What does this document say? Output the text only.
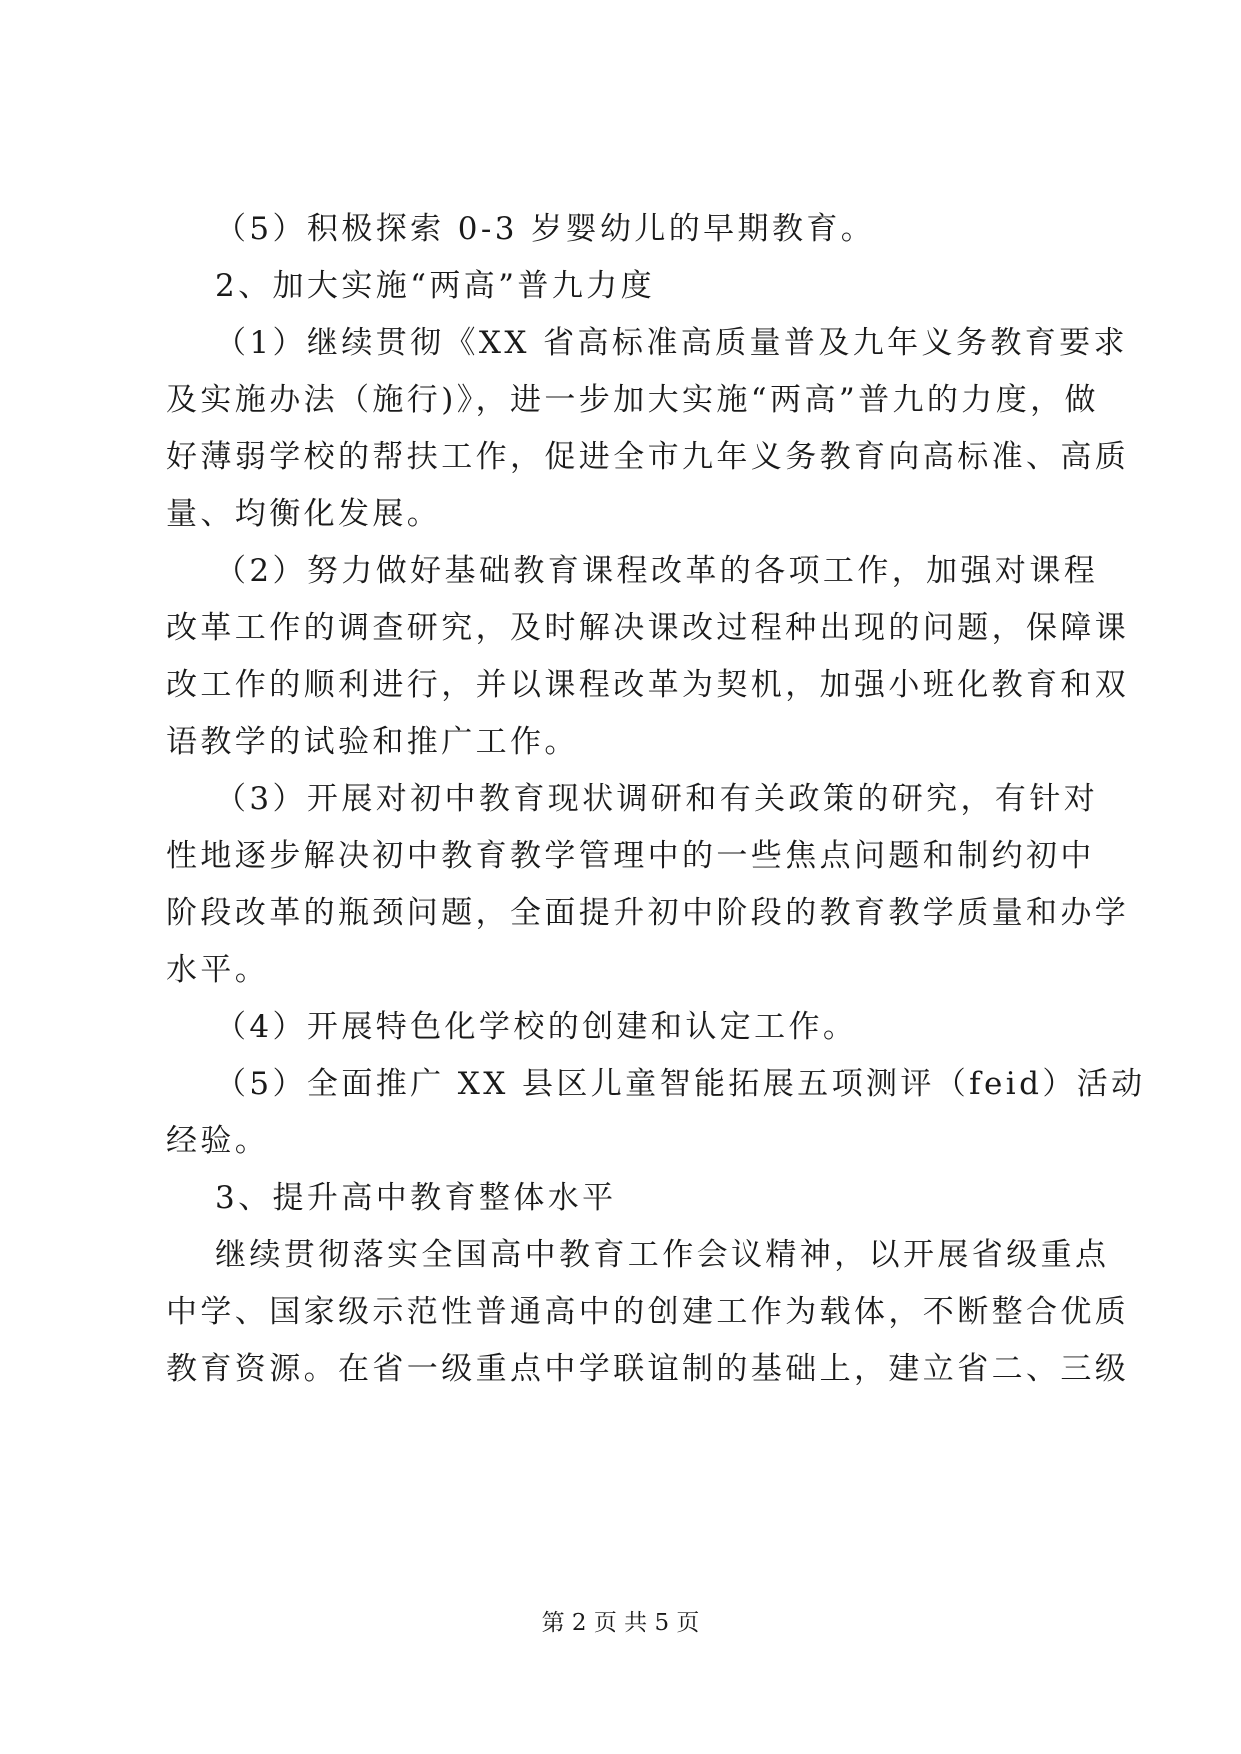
（5）积极探索 0-3 岁婴幼儿的早期教育。
2、加大实施“两高”普九力度
（1）继续贯彻《XX 省高标准高质量普及九年义务教育要求
及实施办法（施行)》，进一步加大实施“两高”普九的力度，做
好薄弱学校的帮扶工作，促进全市九年义务教育向高标准、高质
量、均衡化发展。
（2）努力做好基础教育课程改革的各项工作，加强对课程
改革工作的调查研究，及时解决课改过程种出现的问题，保障课
改工作的顺利进行，并以课程改革为契机，加强小班化教育和双
语教学的试验和推广工作。
（3）开展对初中教育现状调研和有关政策的研究，有针对
性地逐步解决初中教育教学管理中的一些焦点问题和制约初中
阶段改革的瓶颈问题，全面提升初中阶段的教育教学质量和办学
水平。
（4）开展特色化学校的创建和认定工作。
（5）全面推广 XX 县区儿童智能拓展五项测评（feid）活动
经验。
3、提升高中教育整体水平
继续贯彻落实全国高中教育工作会议精神，以开展省级重点
中学、国家级示范性普通高中的创建工作为载体，不断整合优质
教育资源。在省一级重点中学联谊制的基础上，建立省二、三级
第 2 页 共 5 页
